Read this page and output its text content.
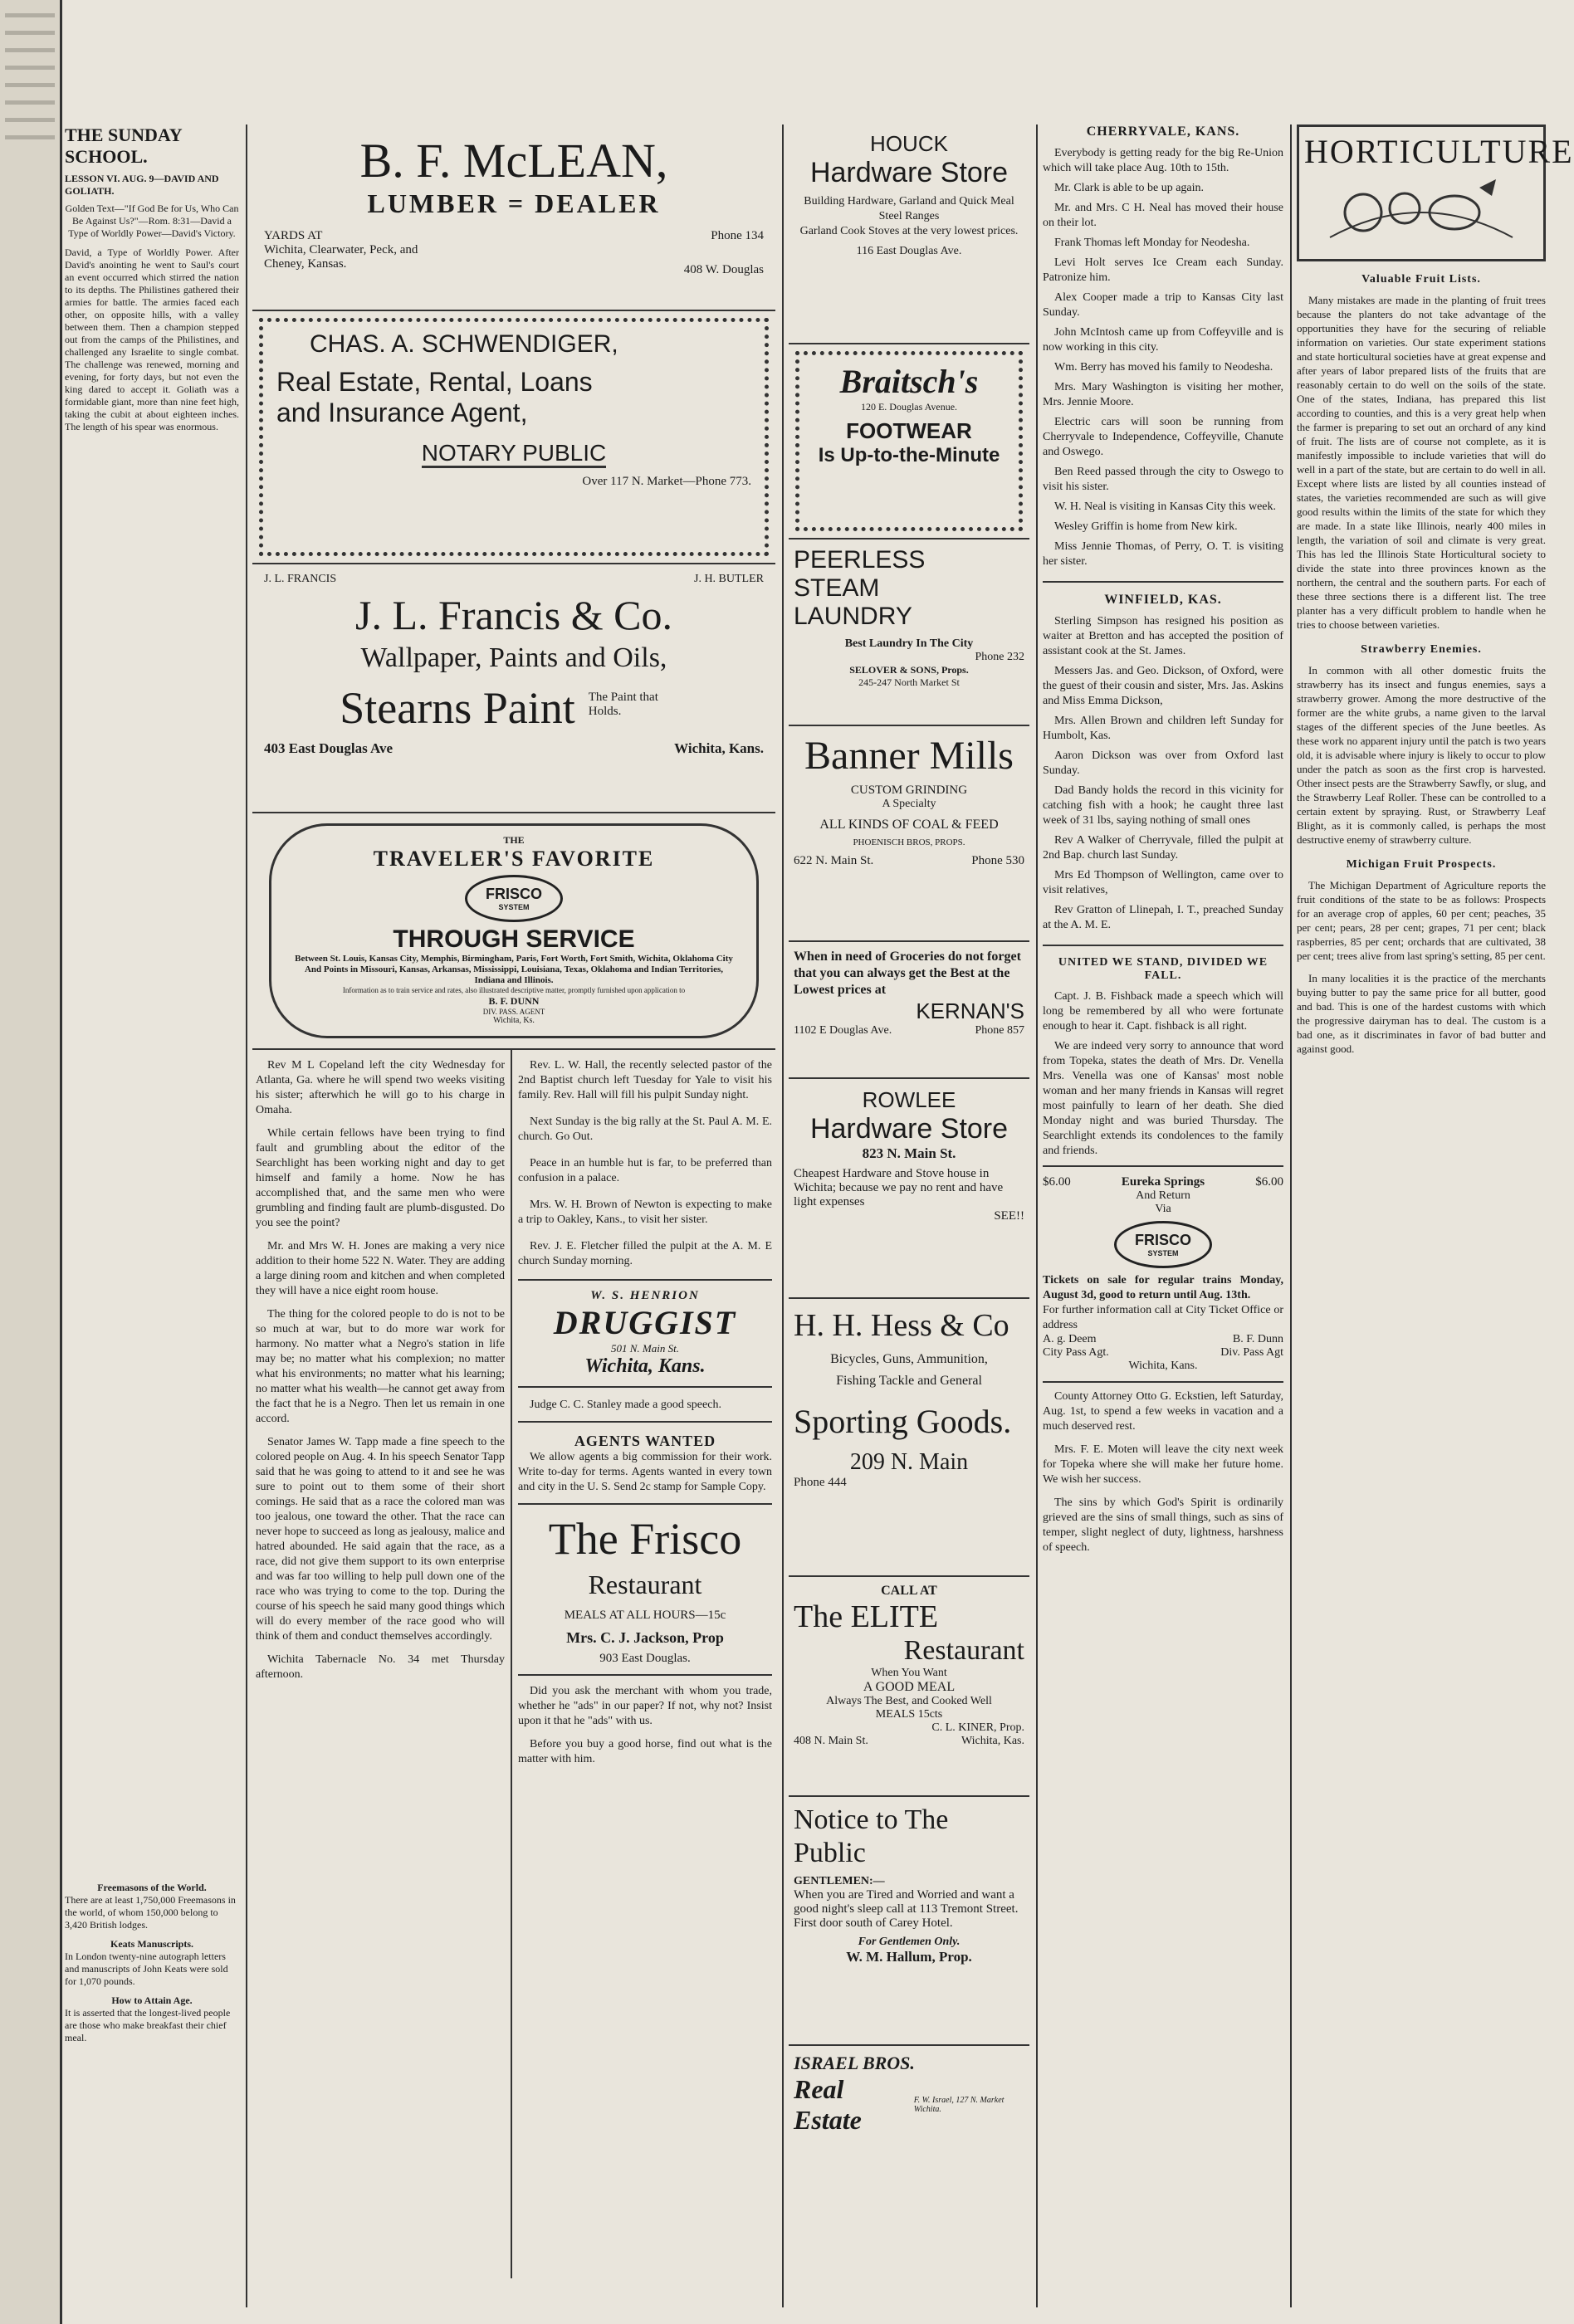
THE SUNDAY SCHOOL.
LESSON VI. AUG. 9—DAVID AND GOLIATH.
Golden Text—"If God Be for Us, Who Can Be Against Us?"—Rom. 8:31—David a Type of Worldly Power—David's Victory.
David, a Type of Worldly Power. After David's anointing he went to Saul's court an event occurred which stirred the nation to its depths. The Philistines gathered their armies for battle. The armies faced each other, on opposite hills, with a valley between them. Then a champion stepped out from the camps of the Philistines, and challenged any Israelite to single combat. The challenge was renewed, morning and evening, for forty days, but not even the king dared to accept it. Goliath was a formidable giant, more than nine feet high, taking the cubit at about eighteen inches. The length of his spear was enormous.
Freemasons of the World.
There are at least 1,750,000 Freemasons in the world, of whom 150,000 belong to 3,420 British lodges.
Keats Manuscripts.
In London twenty-nine autograph letters and manuscripts of John Keats were sold for 1,070 pounds.
How to Attain Age.
It is asserted that the longest-lived people are those who make breakfast their chief meal.
B. F. McLEAN,
LUMBER = DEALER
YARDS AT
Wichita, Clearwater, Peck, and Cheney, Kansas.
Phone 134
408 W. Douglas
CHAS. A. SCHWENDIGER,
Real Estate, Rental, Loans
and Insurance Agent,
NOTARY PUBLIC
Over 117 N. Market—Phone 773.
J. L. FRANCIS	J. H. BUTLER
J. L. Francis & Co.
Wallpaper, Paints and Oils,
Stearns Paint The Paint that Holds.
403 East Douglas Ave	Wichita, Kans.
THE
TRAVELER'S FAVORITE
FRISCO
SYSTEM
THROUGH SERVICE
Between St. Louis, Kansas City, Memphis, Birmingham, Paris, Fort Worth, Fort Smith, Wichita, Oklahoma City
And Points in Missouri, Kansas, Arkansas, Mississippi, Louisiana, Texas, Oklahoma and Indian Territories, Indiana and Illinois.
Information as to train service and rates, also illustrated descriptive matter, promptly furnished upon application to
B. F. DUNN
DIV. PASS. AGENT
Wichita, Ks.

Rev M L Copeland left the city Wednesday for Atlanta, Ga. where he will spend two weeks visiting his sister; afterwhich he will go to his charge in Omaha.

While certain fellows have been trying to find fault and grumbling about the editor of the Searchlight has been working night and day to get himself and family a home. Now he has accomplished that, and the same men who were grumbling and finding fault are plumb-disgusted. Do you see the point?

Mr. and Mrs W. H. Jones are making a very nice addition to their home 522 N. Water. They are adding a large dining room and kitchen and when completed they will have a nice eight room house.

The thing for the colored people to do is not to be so much at war, but to do more war work for harmony. No matter what a Negro's station in life may be; no matter what his complexion; no matter what his environments; no matter what his learning; no matter what his wealth—he cannot get away from the fact that he is a Negro. Then let us remain in one accord.

Senator James W. Tapp made a fine speech to the colored people on Aug. 4. In his speech Senator Tapp said that he was going to attend to it and see he was sure to point out to them some of their short comings. He said that as a race the colored man was too jealous, one toward the other. That the race can never hope to succeed as long as jealousy, malice and hatred abounded. He said again that the race, as a race, did not give them support to its own enterprise and was far too willing to help pull down one of the race who was trying to come to the top. During the course of his speech he said many good things which will do every member of the race good who will think of them and conduct themselves accordingly.

Wichita Tabernacle No. 34 met Thursday afternoon.

Rev. L. W. Hall, the recently selected pastor of the 2nd Baptist church left Tuesday for Yale to visit his family. Rev. Hall will fill his pulpit Sunday night.

Next Sunday is the big rally at the St. Paul A. M. E. church. Go Out.

Peace in an humble hut is far, to be preferred than confusion in a palace.

Mrs. W. H. Brown of Newton is expecting to make a trip to Oakley, Kans., to visit her sister.

Rev. J. E. Fletcher filled the pulpit at the A. M. E church Sunday morning.

W. S. HENRION
DRUGGIST
501 N. Main St.
Wichita, Kans.

Judge C. C. Stanley made a good speech.

AGENTS WANTED

We allow agents a big commission for their work. Write to-day for terms. Agents wanted in every town and city in the U. S. Send 2c stamp for Sample Copy.

The Frisco
Restaurant
MEALS AT ALL HOURS—15c
Mrs. C. J. Jackson, Prop
903 East Douglas.

Did you ask the merchant with whom you trade, whether he "ads" in our paper? If not, why not? Insist upon it that he "ads" with us.

Before you buy a good horse, find out what is the matter with him.

HOUCK
Hardware Store
Building Hardware, Garland and Quick Meal Steel Ranges
Garland Cook Stoves at the very lowest prices.
116 East Douglas Ave.
Braitsch's
120 E. Douglas Avenue.
FOOTWEAR
Is Up-to-the-Minute
PEERLESS STEAM LAUNDRY
Best Laundry In The City
Phone 232
SELOVER & SONS, Props.
245-247 North Market St
Banner Mills
CUSTOM GRINDING
A Specialty
ALL KINDS OF COAL & FEED
PHOENISCH BROS, PROPS.
622 N. Main St.	Phone 530
When in need of Groceries do not forget that you can always get the Best at the Lowest prices at
KERNAN'S
1102 E Douglas Ave.	Phone 857
ROWLEE
Hardware Store
823 N. Main St.
Cheapest Hardware and Stove house in Wichita; because we pay no rent and have light expenses
SEE!!
H. H. Hess & Co
Bicycles, Guns, Ammunition,
Fishing Tackle and General
Sporting Goods.
209 N. Main
Phone 444
CALL AT
The ELITE
Restaurant
When You Want
A GOOD MEAL
Always The Best, and Cooked Well
MEALS 15cts
C. L. KINER, Prop.
408 N. Main St.	Wichita, Kas.
Notice to The Public
GENTLEMEN:—
When you are Tired and Worried and want a good night's sleep call at 113 Tremont Street. First door south of Carey Hotel.
For Gentlemen Only.
W. M. Hallum, Prop.
ISRAEL BROS.
Real Estate
F. W. Israel, 127 N. Market Wichita.
CHERRYVALE, KANS.

Everybody is getting ready for the big Re-Union which will take place Aug. 10th to 15th.

Mr. Clark is able to be up again.

Mr. and Mrs. C H. Neal has moved their house on their lot.

Frank Thomas left Monday for Neodesha.

Levi Holt serves Ice Cream each Sunday. Patronize him.

Alex Cooper made a trip to Kansas City last Sunday.

John McIntosh came up from Coffeyville and is now working in this city.

Wm. Berry has moved his family to Neodesha.

Mrs. Mary Washington is visiting her mother, Mrs. Jennie Moore.

Electric cars will soon be running from Cherryvale to Independence, Coffeyville, Chanute and Oswego.

Ben Reed passed through the city to Oswego to visit his sister.

W. H. Neal is visiting in Kansas City this week.

Wesley Griffin is home from New kirk.

Miss Jennie Thomas, of Perry, O. T. is visiting her sister.

WINFIELD, KAS.

Sterling Simpson has resigned his position as waiter at Bretton and has accepted the position of assistant cook at the St. James.

Messers Jas. and Geo. Dickson, of Oxford, were the guest of their cousin and sister, Mrs. Jas. Askins and Miss Emma Dickson,

Mrs. Allen Brown and children left Sunday for Humbolt, Kas.

Aaron Dickson was over from Oxford last Sunday.

Dad Bandy holds the record in this vicinity for catching fish with a hook; he caught three last week of 31 lbs, saying nothing of small ones

Rev A Walker of Cherryvale, filled the pulpit at 2nd Bap. church last Sunday.

Mrs Ed Thompson of Wellington, came over to visit relatives,

Rev Gratton of Llinepah, I. T., preached Sunday at the A. M. E.

UNITED WE STAND, DIVIDED WE FALL.

Capt. J. B. Fishback made a speech which will long be remembered by all who were fortunate enough to hear it. Capt. fishback is all right.

We are indeed very sorry to announce that word from Topeka, states the death of Mrs. Dr. Venella Mrs. Venella was one of Kansas' most noble woman and her many friends in Kansas will regret most painfully to learn of her death. She died Monday night and was buried Thursday. The Searchlight extends its condolences to the family and friends.

$6.00	Eureka Springs	$6.00
And Return
Via
FRISCO
SYSTEM
Tickets on sale for regular trains Monday, August 3d, good to return until Aug. 13th.
For further information call at City Ticket Office or address
A. g. Deem	B. F. Dunn
City Pass Agt.	Div. Pass Agt
Wichita, Kans.

County Attorney Otto G. Eckstien, left Saturday, Aug. 1st, to spend a few weeks in vacation and a much deserved rest.

Mrs. F. E. Moten will leave the city next week for Topeka where she will make her future home. We wish her success.

The sins by which God's Spirit is ordinarily grieved are the sins of small things, such as sins of temper, slight neglect of duty, lightness, harshness of speech.

HORTICULTURE
Valuable Fruit Lists.

Many mistakes are made in the planting of fruit trees because the planters do not take advantage of the opportunities they have for the securing of reliable information on varieties. Our state experiment stations and state horticultural societies have at great expense and after years of labor prepared lists of the fruits that are reasonably certain to do well on the soils of the state. One of the states, Indiana, has prepared this list according to counties, and this is a very great help when the farmer is preparing to set out an orchard of any kind of fruit. The lists are of course not complete, as it is manifestly impossible to include varieties that will do well in a part of the state, but are certain to do well in all. Except where lists are listed by all counties instead of states, the varieties recommended are such as will give good results within the limits of the state for which they are made. In a state like Illinois, nearly 400 miles in length, the variation of soil and climate is very great. This has led the Illinois State Horticultural society to divide the state into three provinces known as the northern, the central and the southern parts. For each of these three sections there is a different list. The tree planter has a very difficult problem to handle when he tries to choose between varieties.

Strawberry Enemies.

In common with all other domestic fruits the strawberry has its insect and fungus enemies, says a strawberry grower. Among the more destructive of the former are the white grubs, a name given to the larval stages of the different species of the June beetles. As these work no apparent injury until the patch is two years old, it is advisable where injury is likely to occur to plow under the patch as soon as the first crop is harvested. Other insect pests are the Strawberry Sawfly, or slug, and the Strawberry Leaf Roller. These can be controlled to a certain extent by spraying. Rust, or Strawberry Leaf Blight, as it is commonly called, is perhaps the most destructive enemy of strawberry culture.

Michigan Fruit Prospects.

The Michigan Department of Agriculture reports the fruit conditions of the state to be as follows: Prospects for an average crop of apples, 60 per cent; peaches, 35 per cent; pears, 28 per cent; grapes, 71 per cent; black raspberries, 85 per cent; orchards that are cultivated, 38 per cent; trees alive from last spring's setting, 85 per cent.

In many localities it is the practice of the merchants buying butter to pay the same price for all butter, good and bad. This is one of the hardest customs with which the progressive dairyman has to deal. The custom is a bad one, as it discriminates in favor of bad butter and against good.
